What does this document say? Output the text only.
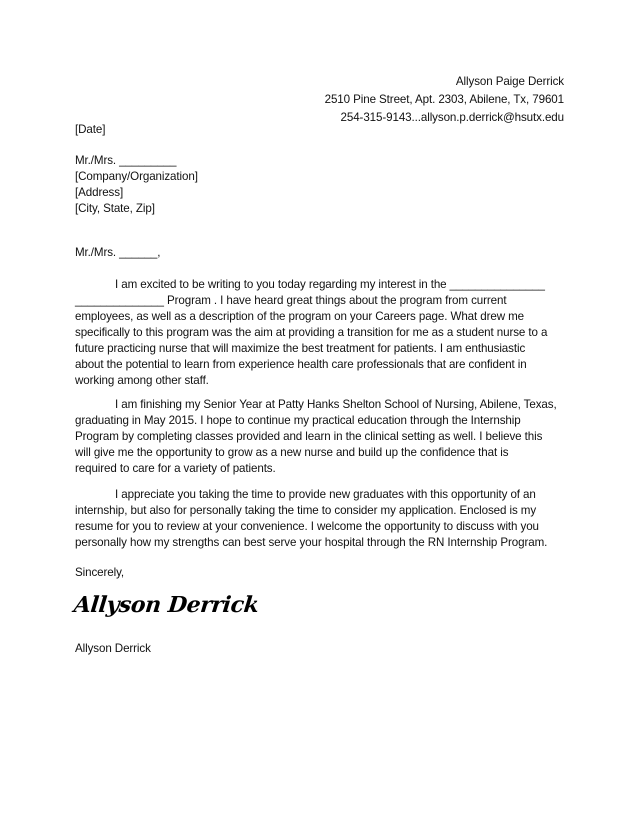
Allyson Paige Derrick
2510 Pine Street, Apt. 2303, Abilene, Tx, 79601
254-315-9143...allyson.p.derrick@hsutx.edu
[Date]
Mr./Mrs. _________
[Company/Organization]
[Address]
[City, State, Zip]
Mr./Mrs. ______,
I am excited to be writing to you today regarding my interest in the _______________
______________ Program . I have heard great things about the program from current
employees, as well as a description of the program on your Careers page. What drew me
specifically to this program was the aim at providing a transition for me as a student nurse to a
future practicing nurse that will maximize the best treatment for patients. I am enthusiastic
about the potential to learn from experience health care professionals that are confident in
working among other staff.
I am finishing my Senior Year at Patty Hanks Shelton School of Nursing, Abilene, Texas,
graduating in May 2015. I hope to continue my practical education through the Internship
Program by completing classes provided and learn in the clinical setting as well. I believe this
will give me the opportunity to grow as a new nurse and build up the confidence that is
required to care for a variety of patients.
I appreciate you taking the time to provide new graduates with this opportunity of an
internship, but also for personally taking the time to consider my application. Enclosed is my
resume for you to review at your convenience. I welcome the opportunity to discuss with you
personally how my strengths can best serve your hospital through the RN Internship Program.
Sincerely,
Allyson Derrick
Allyson Derrick
